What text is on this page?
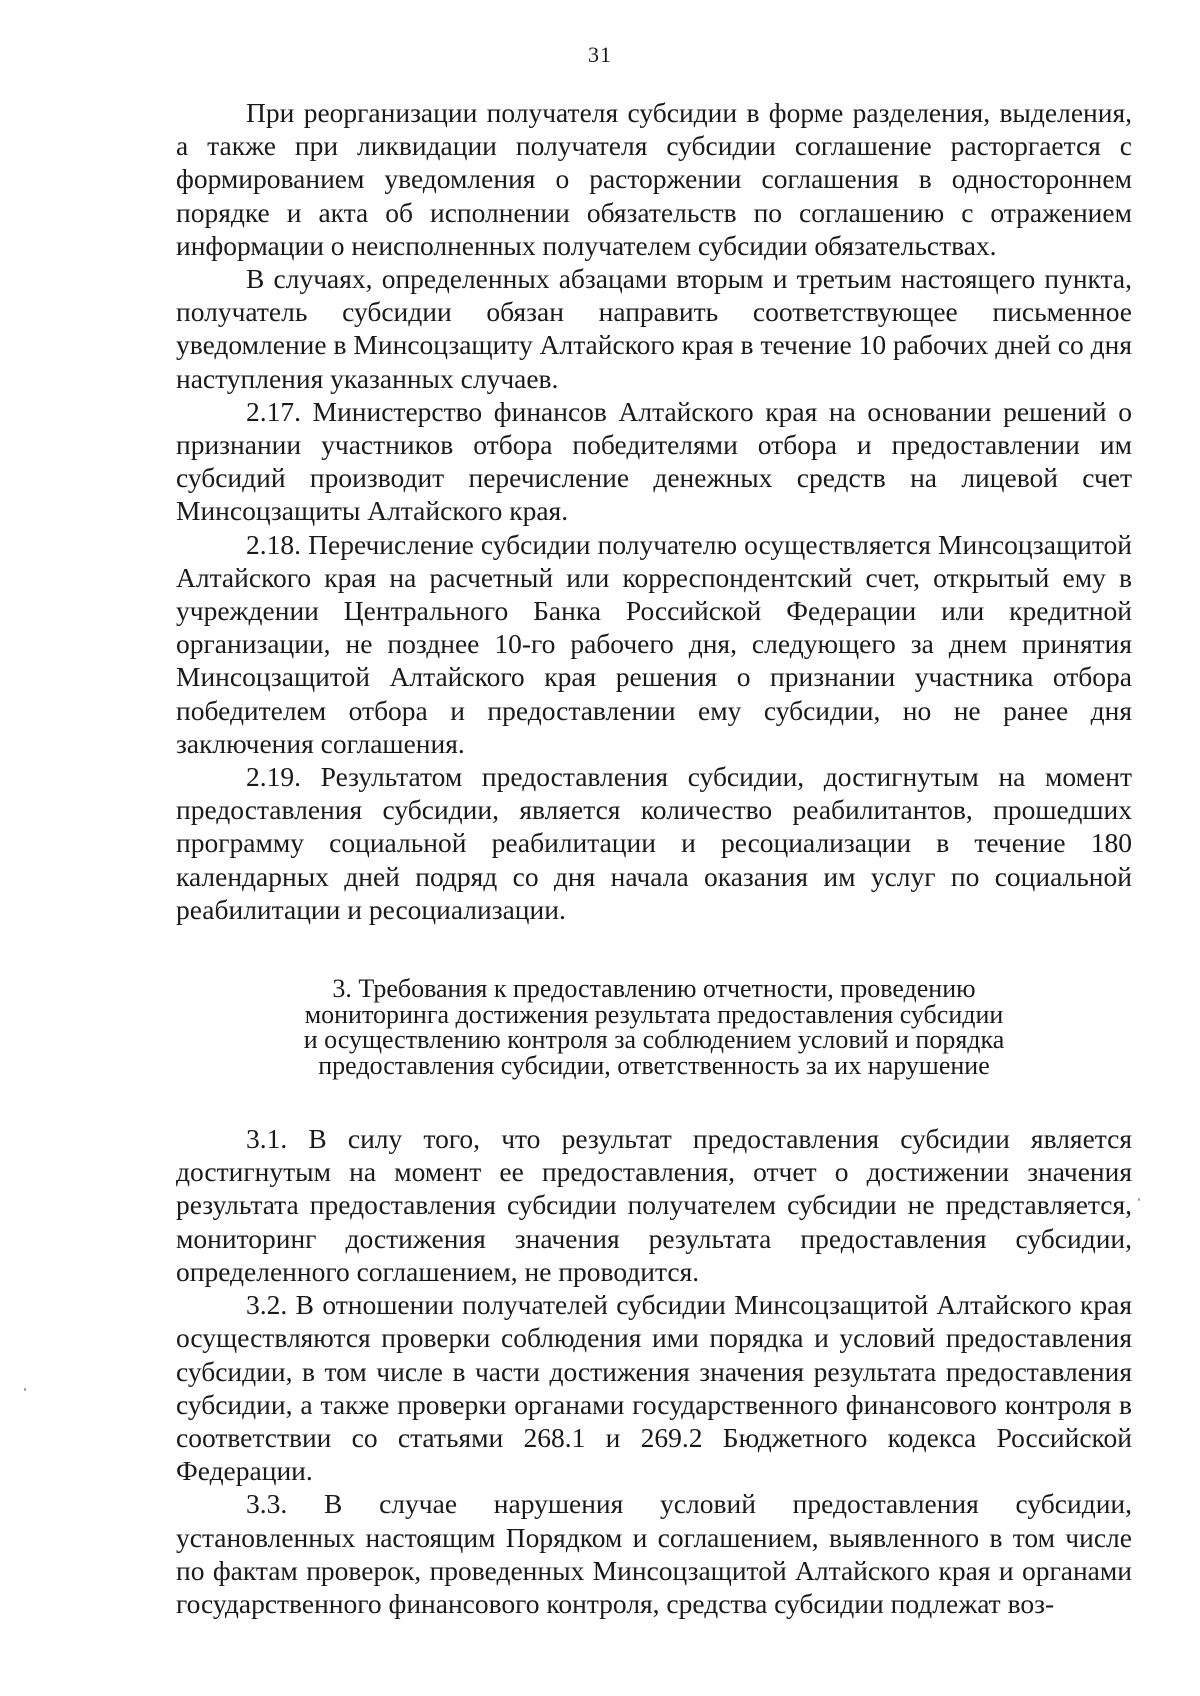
31

При реорганизации получателя субсидии в форме разделения, выделения, а также при ликвидации получателя субсидии соглашение расторгается с формированием уведомления о расторжении соглашения в одностороннем порядке и акта об исполнении обязательств по соглашению с отражением информации о неисполненных получателем субсидии обязательствах.

В случаях, определенных абзацами вторым и третьим настоящего пункта, получатель субсидии обязан направить соответствующее письменное уведомление в Минсоцзащиту Алтайского края в течение 10 рабочих дней со дня наступления указанных случаев.

2.17. Министерство финансов Алтайского края на основании решений о признании участников отбора победителями отбора и предоставлении им субсидий производит перечисление денежных средств на лицевой счет Минсоцзащиты Алтайского края.

2.18. Перечисление субсидии получателю осуществляется Минсоцзащитой Алтайского края на расчетный или корреспондентский счет, открытый ему в учреждении Центрального Банка Российской Федерации или кредитной организации, не позднее 10-го рабочего дня, следующего за днем принятия Минсоцзащитой Алтайского края решения о признании участника отбора победителем отбора и предоставлении ему субсидии, но не ранее дня заключения соглашения.

2.19. Результатом предоставления субсидии, достигнутым на момент предоставления субсидии, является количество реабилитантов, прошедших программу социальной реабилитации и ресоциализации в течение 180 календарных дней подряд со дня начала оказания им услуг по социальной реабилитации и ресоциализации.

3. Требования к предоставлению отчетности, проведению
мониторинга достижения результата предоставления субсидии
и осуществлению контроля за соблюдением условий и порядка
предоставления субсидии, ответственность за их нарушение

3.1. В силу того, что результат предоставления субсидии является достигнутым на момент ее предоставления, отчет о достижении значения результата предоставления субсидии получателем субсидии не представляется, мониторинг достижения значения результата предоставления субсидии, определенного соглашением, не проводится.

3.2. В отношении получателей субсидии Минсоцзащитой Алтайского края осуществляются проверки соблюдения ими порядка и условий предоставления субсидии, в том числе в части достижения значения результата предоставления субсидии, а также проверки органами государственного финансового контроля в соответствии со статьями 268.1 и 269.2 Бюджетного кодекса Российской Федерации.

3.3. В случае нарушения условий предоставления субсидии, установленных настоящим Порядком и соглашением, выявленного в том числе по фактам проверок, проведенных Минсоцзащитой Алтайского края и органами государственного финансового контроля, средства субсидии подлежат воз-
